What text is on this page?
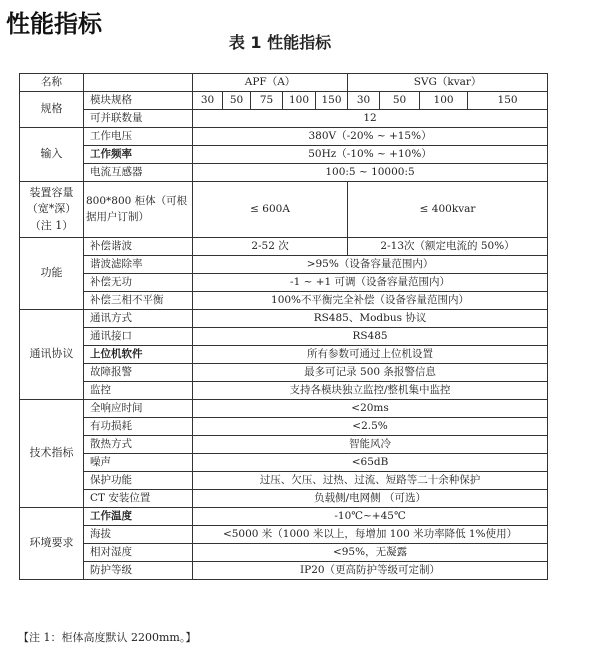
性能指标
表 1 性能指标
名称		APF（A）					SVG（kvar）			
规格	模块规格	30	50	75	100	150	30	50	100	150
	可并联数量	12								
输入	工作电压	380V（-20% ~ +15%）								
	工作频率	50Hz（-10% ~ +10%）								
	电流互感器	100:5 ~ 10000:5								
装置容量（宽*深）（注 1）	800*800 柜体（可根据用户订制）	≤ 600A					≤ 400kvar			
功能	补偿谐波	2-52 次					2-13次（额定电流的 50%）			
	谐波滤除率	>95%（设备容量范围内）								
	补偿无功	-1 ~ +1 可调（设备容量范围内）								
	补偿三相不平衡	100%不平衡完全补偿（设备容量范围内）								
通讯协议	通讯方式	RS485、Modbus 协议								
	通讯接口	RS485								
	上位机软件	所有参数可通过上位机设置								
	故障报警	最多可记录 500 条报警信息								
	监控	支持各模块独立监控/整机集中监控								
技术指标	全响应时间	<20ms								
	有功损耗	<2.5%								
	散热方式	智能风冷								
	噪声	<65dB								
	保护功能	过压、欠压、过热、过流、短路等二十余种保护								
	CT 安装位置	负载侧/电网侧 （可选）								
环境要求	工作温度	-10℃~+45℃								
	海拔	<5000 米（1000 米以上，每增加 100 米功率降低 1%使用）								
	相对湿度	<95%，无凝露								
	防护等级	IP20（更高防护等级可定制）								
【注 1：柜体高度默认 2200mm。】
